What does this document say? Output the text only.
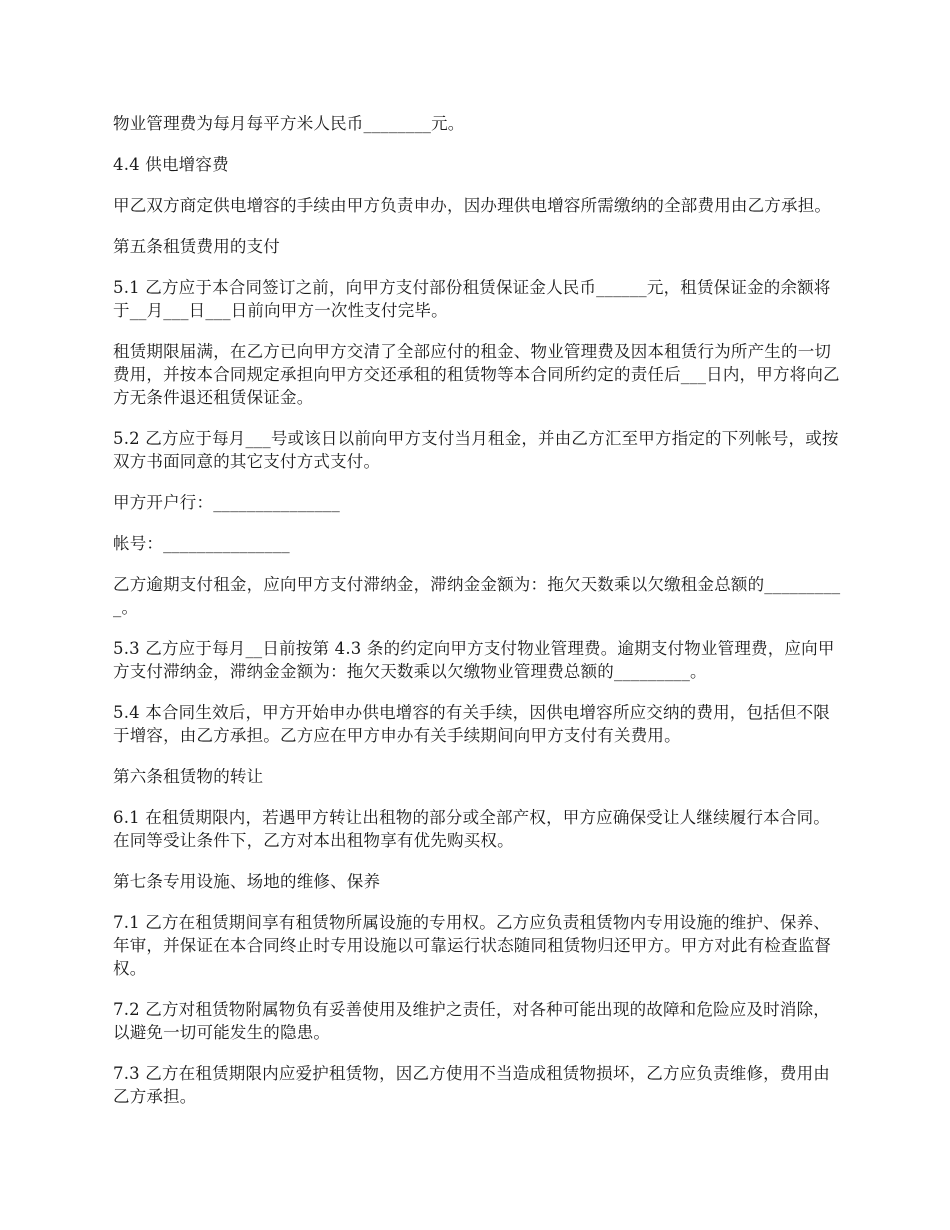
物业管理费为每月每平方米人民币________元。

4.4 供电增容费

甲乙双方商定供电增容的手续由甲方负责申办，因办理供电增容所需缴纳的全部费用由乙方承担。

第五条租赁费用的支付

5.1 乙方应于本合同签订之前，向甲方支付部份租赁保证金人民币______元，租赁保证金的余额将于__月___日___日前向甲方一次性支付完毕。

租赁期限届满，在乙方已向甲方交清了全部应付的租金、物业管理费及因本租赁行为所产生的一切费用，并按本合同规定承担向甲方交还承租的租赁物等本合同所约定的责任后___日内，甲方将向乙方无条件退还租赁保证金。

5.2 乙方应于每月___号或该日以前向甲方支付当月租金，并由乙方汇至甲方指定的下列帐号，或按双方书面同意的其它支付方式支付。

甲方开户行：_______________

帐号：_______________

乙方逾期支付租金，应向甲方支付滞纳金，滞纳金金额为：拖欠天数乘以欠缴租金总额的__________。

5.3 乙方应于每月__日前按第 4.3 条的约定向甲方支付物业管理费。逾期支付物业管理费，应向甲方支付滞纳金，滞纳金金额为：拖欠天数乘以欠缴物业管理费总额的_________。

5.4 本合同生效后，甲方开始申办供电增容的有关手续，因供电增容所应交纳的费用，包括但不限于增容，由乙方承担。乙方应在甲方申办有关手续期间向甲方支付有关费用。

第六条租赁物的转让

6.1 在租赁期限内，若遇甲方转让出租物的部分或全部产权，甲方应确保受让人继续履行本合同。在同等受让条件下，乙方对本出租物享有优先购买权。

第七条专用设施、场地的维修、保养

7.1 乙方在租赁期间享有租赁物所属设施的专用权。乙方应负责租赁物内专用设施的维护、保养、年审，并保证在本合同终止时专用设施以可靠运行状态随同租赁物归还甲方。甲方对此有检查监督权。

7.2 乙方对租赁物附属物负有妥善使用及维护之责任，对各种可能出现的故障和危险应及时消除，以避免一切可能发生的隐患。

7.3 乙方在租赁期限内应爱护租赁物，因乙方使用不当造成租赁物损坏，乙方应负责维修，费用由乙方承担。
